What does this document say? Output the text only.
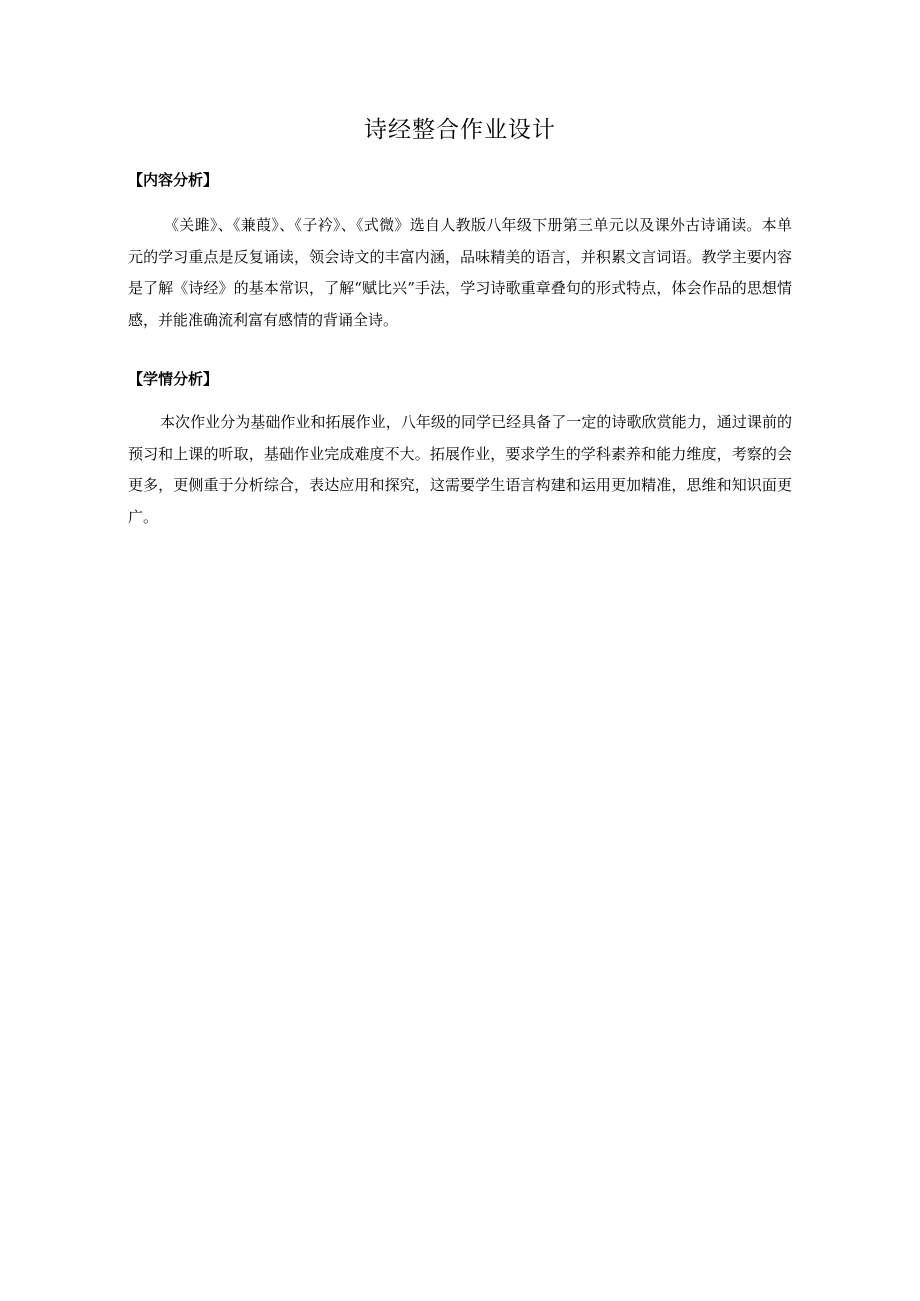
诗经整合作业设计
【内容分析】

《关雎》、《兼葭》、《子衿》、《式微》选自人教版八年级下册第三单元以及课外古诗诵读。本单元的学习重点是反复诵读，领会诗文的丰富内涵，品味精美的语言，并积累文言词语。教学主要内容是了解《诗经》的基本常识，了解“赋比兴”手法，学习诗歌重章叠句的形式特点，体会作品的思想情感，并能准确流利富有感情的背诵全诗。

【学情分析】

本次作业分为基础作业和拓展作业，八年级的同学已经具备了一定的诗歌欣赏能力，通过课前的预习和上课的听取，基础作业完成难度不大。拓展作业，要求学生的学科素养和能力维度，考察的会更多，更侧重于分析综合，表达应用和探究，这需要学生语言构建和运用更加精准，思维和知识面更广。
